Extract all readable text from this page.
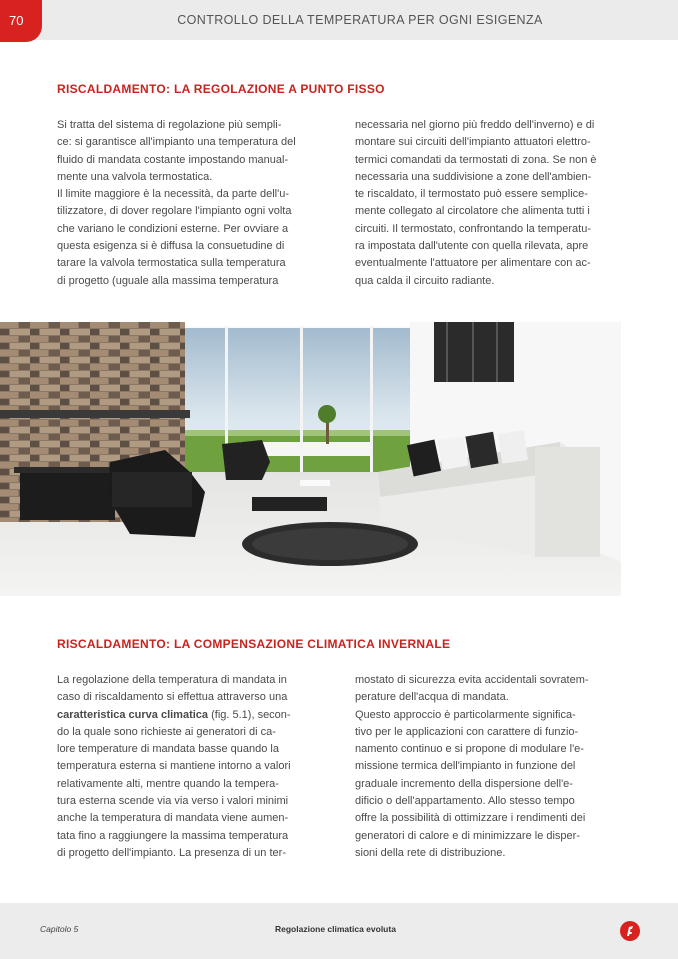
70	CONTROLLO DELLA TEMPERATURA PER OGNI ESIGENZA
RISCALDAMENTO: LA REGOLAZIONE A PUNTO FISSO

Si tratta del sistema di regolazione più sempli-

ce: si garantisce all'impianto una temperatura del

fluido di mandata costante impostando manual-

mente una valvola termostatica.

Il limite maggiore è la necessità, da parte dell'u-

tilizzatore, di dover regolare l'impianto ogni volta

che variano le condizioni esterne. Per ovviare a

questa esigenza si è diffusa la consuetudine di

tarare la valvola termostatica sulla temperatura

di progetto (uguale alla massima temperatura

necessaria nel giorno più freddo dell'inverno) e di

montare sui circuiti dell'impianto attuatori elettro-

termici comandati da termostati di zona. Se non è

necessaria una suddivisione a zone dell'ambien-

te riscaldato, il termostato può essere semplice-

mente collegato al circolatore che alimenta tutti i

circuiti. Il termostato, confrontando la temperatu-

ra impostata dall'utente con quella rilevata, apre

eventualmente l'attuatore per alimentare con ac-

qua calda il circuito radiante.

RISCALDAMENTO: LA COMPENSAZIONE CLIMATICA INVERNALE

La regolazione della temperatura di mandata in

caso di riscaldamento si effettua attraverso una

caratteristica curva climatica (fig. 5.1), secon-

do la quale sono richieste ai generatori di ca-

lore temperature di mandata basse quando la

temperatura esterna si mantiene intorno a valori

relativamente alti, mentre quando la tempera-

tura esterna scende via via verso i valori minimi

anche la temperatura di mandata viene aumen-

tata fino a raggiungere la massima temperatura

di progetto dell'impianto. La presenza di un ter-

mostato di sicurezza evita accidentali sovratem-

perature dell'acqua di mandata.

Questo approccio è particolarmente significa-

tivo per le applicazioni con carattere di funzio-

namento continuo e si propone di modulare l'e-

missione termica dell'impianto in funzione del

graduale incremento della dispersione dell'e-

dificio o dell'appartamento. Allo stesso tempo

offre la possibilità di ottimizzare i rendimenti dei

generatori di calore e di minimizzare le disper-

sioni della rete di distribuzione.

Capitolo 5	Regolazione climatica evoluta
